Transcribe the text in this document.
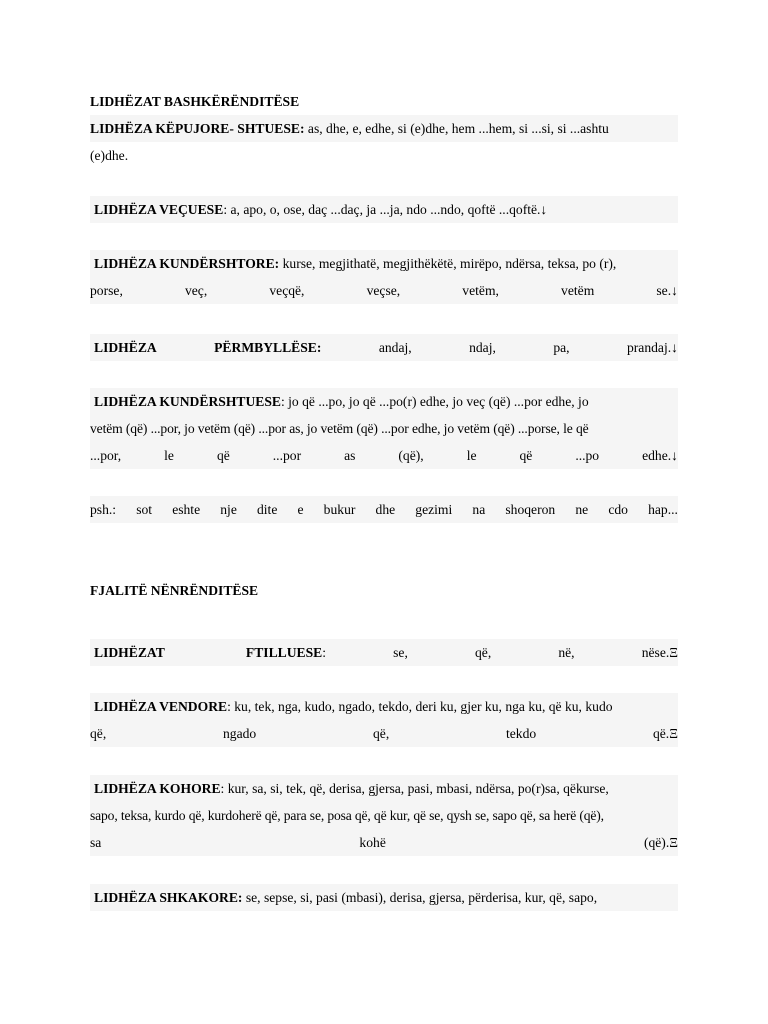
LIDHËZAT BASHKËRËNDITËSE
LIDHËZA KËPUJORE- SHTUESE: as, dhe, e, edhe, si (e)dhe, hem ...hem, si ...si, si ...ashtu
(e)dhe.
LIDHËZA VEÇUESE: a, apo, o, ose, daç ...daç, ja ...ja, ndo ...ndo, qoftë ...qoftë.↓
LIDHËZA KUNDËRSHTORE: kurse, megjithatë, megjithëkëtë, mirëpo, ndërsa, teksa, po (r),
porse,	veç,	veçqë,	veçse,	vetëm,	vetëm	se.↓
LIDHËZA	PËRMBYLLËSE:	andaj,	ndaj,	pa,	prandaj.↓
LIDHËZA KUNDËRSHTUESE: jo që ...po, jo që ...po(r) edhe, jo veç (që) ...por edhe, jo
vetëm (që) ...por, jo vetëm (që) ...por as, jo vetëm (që) ...por edhe, jo vetëm (që) ...porse, le që
...por,	le	që	...por	as	(që),	le	që	...po	edhe.↓
psh.: sot eshte nje dite e bukur dhe gezimi na shoqeron ne cdo hap...
FJALITË NËNRËNDITËSE
LIDHËZAT	FTILLUESE:	se,	që,	në,	nëse.Ξ
LIDHËZA VENDORE: ku, tek, nga, kudo, ngado, tekdo, deri ku, gjer ku, nga ku, që ku, kudo
që,	ngado	që,	tekdo	që.Ξ
LIDHËZA KOHORE: kur, sa, si, tek, që, derisa, gjersa, pasi, mbasi, ndërsa, po(r)sa, qëkurse,
sapo, teksa, kurdo që, kurdoherë që, para se, posa që, që kur, që se, qysh se, sapo që, sa herë (që),
sa	kohë	(që).Ξ
LIDHËZA SHKAKORE: se, sepse, si, pasi (mbasi), derisa, gjersa, përderisa, kur, që, sapo,
